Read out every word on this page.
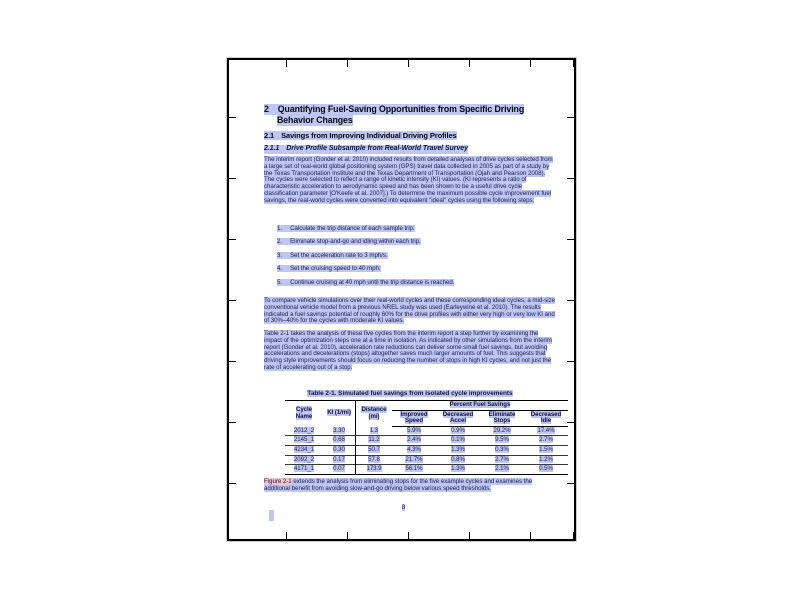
2 Quantifying Fuel-Saving Opportunities from Specific Driving
Behavior Changes
2.1 Savings from Improving Individual Driving Profiles
2.1.1 Drive Profile Subsample from Real-World Travel Survey
The interim report (Gonder et al. 2010) included results from detailed analyses of drive cycles selected from a large set of real-world global positioning system (GPS) travel data collected in 2005 as part of a study by the Texas Transportation Institute and the Texas Department of Transportation (Ojah and Pearson 2008). The cycles were selected to reflect a range of kinetic intensity (KI) values. (KI represents a ratio of characteristic acceleration to aerodynamic speed and has been shown to be a useful drive cycle classification parameter [O'Keefe et al. 2007].) To determine the maximum possible cycle improvement fuel savings, the real-world cycles were converted into equivalent "ideal" cycles using the following steps:
1. Calculate the trip distance of each sample trip.
2. Eliminate stop-and-go and idling within each trip.
3. Set the acceleration rate to 3 mph/s.
4. Set the cruising speed to 40 mph.
5. Continue cruising at 40 mph until the trip distance is reached.
To compare vehicle simulations over their real-world cycles and these corresponding ideal cycles, a mid-size conventional vehicle model from a previous NREL study was used (Earleywine et al. 2010). The results indicated a fuel savings potential of roughly 60% for the drive profiles with either very high or very low KI and of 30%–40% for the cycles with moderate KI values.
Table 2-1 takes the analysis of these five cycles from the interim report a step further by examining the impact of the optimization steps one at a time in isolation. As indicated by other simulations from the interim report (Gonder et al. 2010), acceleration rate reductions can deliver some small fuel savings, but avoiding accelerations and decelerations (stops) altogether saves much larger amounts of fuel. This suggests that driving style improvements should focus on reducing the number of stops in high KI cycles, and not just the rate of accelerating out of a stop.
Table 2-1. Simulated fuel savings from isolated cycle improvements
Cycle Name	KI (1/mi)	Distance (mi)	Percent Fuel Savings			
			Improved Speed	Decreased Accel	Eliminate Stops	Decreased Idle
2012_2	3.30	1.3	5.9%	0.9%	29.2%	17.4%
2145_1	0.68	11.2	2.4%	0.1%	9.5%	2.7%
4234_1	0.30	50.7	4.3%	1.3%	0.3%	1.5%
2092_2	0.17	57.8	21.7%	0.8%	2.7%	1.2%
4171_1	0.07	173.9	56.1%	1.3%	2.1%	0.5%
Figure 2-1 extends the analysis from eliminating stops for the five example cycles and examines the additional benefit from avoiding slow-and-go driving below various speed thresholds.
8
